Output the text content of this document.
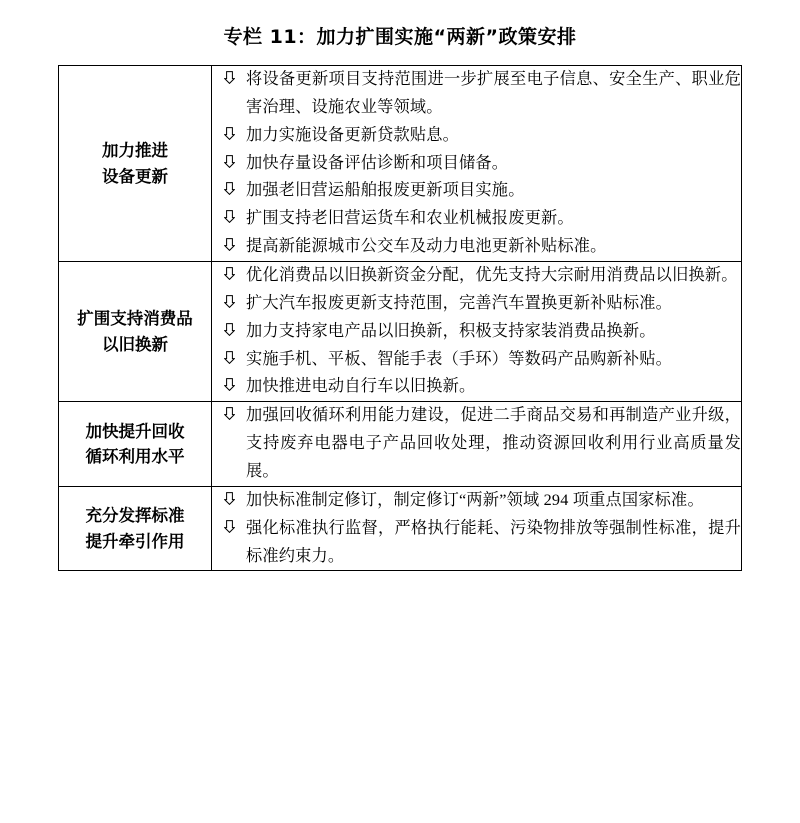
专栏 11：加力扩围实施“两新”政策安排
加力推进
设备更新

将设备更新项目支持范围进一步扩展至电子信息、安全生产、职业危害治理、设施农业等领域。
加力实施设备更新贷款贴息。
加快存量设备评估诊断和项目储备。
加强老旧营运船舶报废更新项目实施。
扩围支持老旧营运货车和农业机械报废更新。
提高新能源城市公交车及动力电池更新补贴标准。

扩围支持消费品
以旧换新

优化消费品以旧换新资金分配，优先支持大宗耐用消费品以旧换新。
扩大汽车报废更新支持范围，完善汽车置换更新补贴标准。
加力支持家电产品以旧换新，积极支持家装消费品换新。
实施手机、平板、智能手表（手环）等数码产品购新补贴。
加快推进电动自行车以旧换新。

加快提升回收
循环利用水平

加强回收循环利用能力建设，促进二手商品交易和再制造产业升级，支持废弃电器电子产品回收处理，推动资源回收利用行业高质量发展。

充分发挥标准
提升牵引作用

加快标准制定修订，制定修订“两新”领域 294 项重点国家标准。
强化标准执行监督，严格执行能耗、污染物排放等强制性标准，提升标准约束力。
